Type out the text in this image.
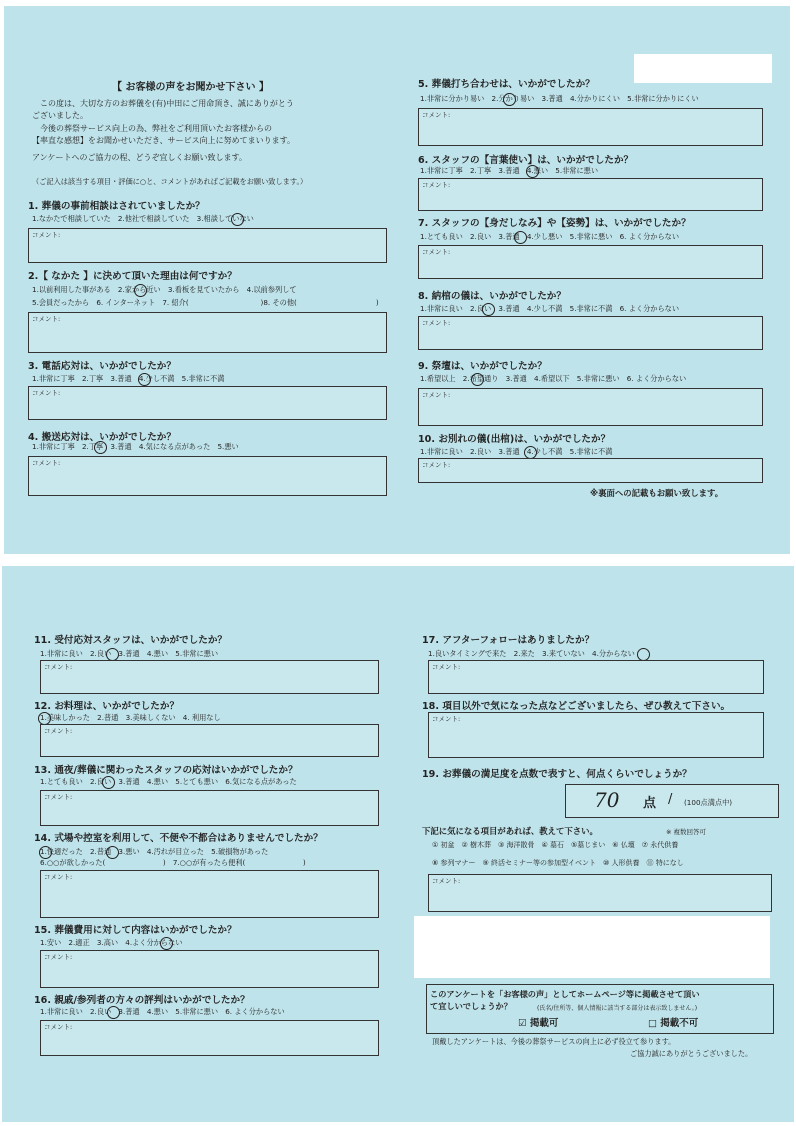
【 お客様の声をお聞かせ下さい 】
この度は、大切な方のお葬儀を(有)中田にご用命頂き、誠にありがとう
ございました。
今後の葬祭サービス向上の為、弊社をご利用頂いたお客様からの
【率直な感想】をお聞かせいただき、サービス向上に努めてまいります。
アンケートへのご協力の程、どうぞ宜しくお願い致します。
（ご記入は該当する項目・評価に○と、コメントがあればご記載をお願い致します。）
1. 葬儀の事前相談はされていましたか？
1.なかたで相談していた　2.他社で相談していた　3.相談していない
コメント:
2.【 なかた 】に決めて頂いた理由は何ですか？
1.以前利用した事がある　2.家から近い　3.看板を見ていたから　4.以前参列して
5.会員だったから　6. インターネット　7. 紹介(　　　　　　　　　　)8. その他(　　　　　　　　　　　)
コメント:
3. 電話応対は、いかがでしたか？
1.非常に丁寧　2.丁寧　3.普通　4.少し不満　5.非常に不満
コメント:
4. 搬送応対は、いかがでしたか？
1.非常に丁寧　2.丁寧　3.普通　4.気になる点があった　5.悪い
コメント:
5. 葬儀打ち合わせは、いかがでしたか？
1.非常に分かり易い　2.分かり易い　3.普通　4.分かりにくい　5.非常に分かりにくい
コメント:
6. スタッフの【言葉使い】は、いかがでしたか？
1.非常に丁寧　2.丁寧　3.普通　4.悪い　5.非常に悪い
コメント:
7. スタッフの【身だしなみ】や【姿勢】は、いかがでしたか？
1.とても良い　2.良い　3.普通　4.少し悪い　5.非常に悪い　6. よく分からない
コメント:
8. 納棺の儀は、いかがでしたか？
1.非常に良い　2.良い　3.普通　4.少し不満　5.非常に不満　6. よく分からない
コメント:
9. 祭壇は、いかがでしたか？
1.希望以上　2.希望通り　3.普通　4.希望以下　5.非常に悪い　6. よく分からない
コメント:
10. お別れの儀(出棺)は、いかがでしたか？
1.非常に良い　2.良い　3.普通　4.少し不満　5.非常に不満
コメント:
※裏面への記載もお願い致します。
11. 受付応対スタッフは、いかがでしたか？
1.非常に良い　2.良い　3.普通　4.悪い　5.非常に悪い
コメント:
12. お料理は、いかがでしたか？
1.美味しかった　2.普通　3.美味しくない　4. 利用なし
コメント:
13. 通夜/葬儀に関わったスタッフの応対はいかがでしたか？
1.とても良い　2.良い　3.普通　4.悪い　5.とても悪い　6.気になる点があった
コメント:
14. 式場や控室を利用して、不便や不都合はありませんでしたか？
1.快適だった　2.普通　3.悪い　4.汚れが目立った　5.破損物があった
6.○○が欲しかった(　　　　　　　　)　7.○○が有ったら便利(　　　　　　　　)
コメント:
15. 葬儀費用に対して内容はいかがでしたか？
1.安い　2.適正　3.高い　4.よく分からない
コメント:
16. 親戚/参列者の方々の評判はいかがでしたか？
1.非常に良い　2.良い　3.普通　4.悪い　5.非常に悪い　6. よく分からない
コメント:
17. アフターフォローはありましたか？
1.良いタイミングで来た　2.来た　3.来ていない　4.分からない
コメント:
18. 項目以外で気になった点などございましたら、ぜひ教えて下さい。
コメント:
19. お葬儀の満足度を点数で表すと、何点くらいでしょうか？
70 点 / (100点満点中)
下記に気になる項目があれば、教えて下さい。	※ 複数回答可
① 初盆　② 樹木葬　③ 海洋散骨　④ 墓石　⑤墓じまい　⑥ 仏壇　⑦ 永代供養
⑧ 参列マナー　⑨ 終活セミナー等の参加型イベント　⑩ 人形供養　⑪ 特になし
コメント:
このアンケートを「お客様の声」としてホームページ等に掲載させて頂い
て宜しいでしょうか？	(氏名/住所等、個人情報に該当する部分は表示致しません。)
☑ 掲載可	□ 掲載不可
頂戴したアンケートは、今後の葬祭サービスの向上に必ず役立て参ります。
ご協力誠にありがとうございました。
